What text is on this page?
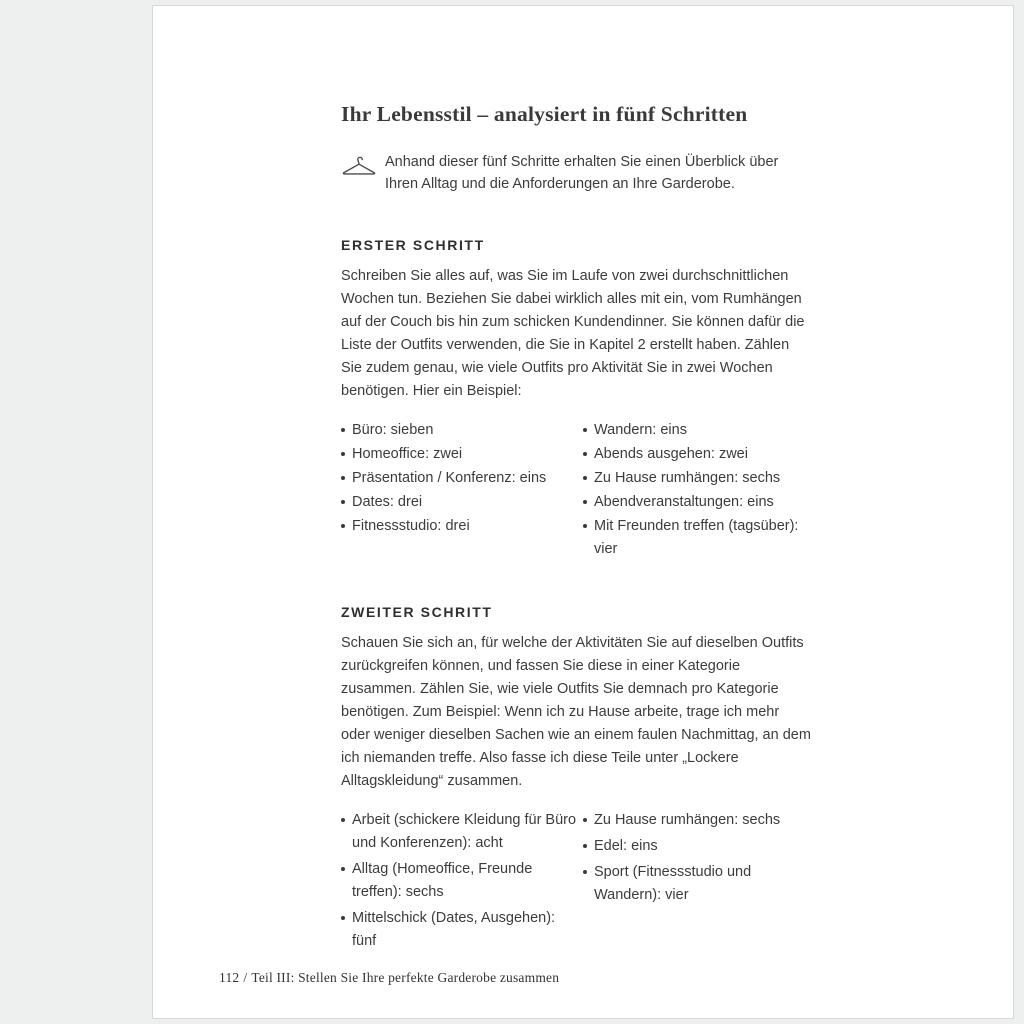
Ihr Lebensstil – analysiert in fünf Schritten

Anhand dieser fünf Schritte erhalten Sie einen Überblick über Ihren Alltag und die Anforderungen an Ihre Garderobe.

ERSTER SCHRITT

Schreiben Sie alles auf, was Sie im Laufe von zwei durchschnittlichen Wochen tun. Beziehen Sie dabei wirklich alles mit ein, vom Rumhängen auf der Couch bis hin zum schicken Kundendinner. Sie können dafür die Liste der Outfits verwenden, die Sie in Kapitel 2 erstellt haben. Zählen Sie zudem genau, wie viele Outfits pro Aktivität Sie in zwei Wochen benötigen. Hier ein Beispiel:

Büro: sieben
Homeoffice: zwei
Präsentation / Konferenz: eins
Dates: drei
Fitnessstudio: drei
Wandern: eins
Abends ausgehen: zwei
Zu Hause rumhängen: sechs
Abendveranstaltungen: eins
Mit Freunden treffen (tagsüber): vier
ZWEITER SCHRITT

Schauen Sie sich an, für welche der Aktivitäten Sie auf dieselben Outfits zurückgreifen können, und fassen Sie diese in einer Kategorie zusammen. Zählen Sie, wie viele Outfits Sie demnach pro Kategorie benötigen. Zum Beispiel: Wenn ich zu Hause arbeite, trage ich mehr oder weniger dieselben Sachen wie an einem faulen Nachmittag, an dem ich niemanden treffe. Also fasse ich diese Teile unter „Lockere Alltagskleidung“ zusammen.

Arbeit (schickere Kleidung für Büro und Konferenzen): acht
Alltag (Homeoffice, Freunde treffen): sechs
Mittelschick (Dates, Ausgehen): fünf
Zu Hause rumhängen: sechs
Edel: eins
Sport (Fitnessstudio und Wandern): vier
112 / Teil III: Stellen Sie Ihre perfekte Garderobe zusammen
